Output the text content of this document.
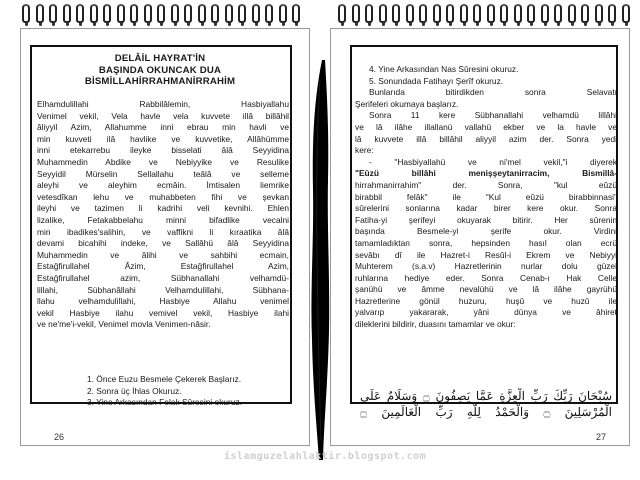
DELÂİL HAYRAT'İN
BAŞINDA OKUNCAK DUA
BİSMİLLAHİRRAHMANİRRAHİM
Elhamdulillahi Rabbilâlemin, Hasbiyallahu
Venimel vekil, Vela havle vela kuvvete illâ billâhil
âliyyil Azim, Allahumme inni ebrau min havli ve
min kuvveti ilâ havlike ve kuvvetike, Allâhümme
inni etekarrebu ileyke bisselati âlâ Seyyidina
Muhammedin Abdike ve Nebiyyike ve Resulike
Seyyidil Mürselin Sellallahu teâlâ ve selleme
aleyhi ve aleyhim ecmâin. İmtisalen liemrike
vetesdîkan lehu ve muhabbeten fihi ve şevkan
ileyhi ve tazimen li kadrihi veli kevnihi. Ehlen
lizalike, Fetakabbelahu minni bifadlike vecalni
min ibadikes'salihin, ve vaffikni li kıraatika âlâ
devami bicahihi indeke, ve Sallâhü âlâ Seyyidina
Muhammedin ve âlihi ve sahbihi ecmain,
Estağfirullahel Âzim, Estağfirullahel Azim,
Estağfirullahel azim, Sübhanallahi velhamdü-
lillahi, Sübhanâllahi Velhamdulillahi, Sübhana-
llahu velhamdulillahi, Hasbiye Allahu venimel
vekil Hasbiye ilahu vemivel vekil, Hasbiye ilahi
ve ne'me'i-vekil, Venimel movla Venimen-nâsir.
1. Önce Euzu Besmele Çekerek Başlarız.
2. Sonra üç İhlas Okuruz.
3. Yine Arkasından Felak Sûresini okuruz.
26
4. Yine Arkasından Nas Sûresini okuruz.
5. Sonundada Fatihayı Şerîf okuruz.
Bunlarıda bitirdikden sonra Selavatı
Şerifeleri okumaya başlarız.
Sonra 11 kere Sübhanallahi velhamdü lillâhi
ve lâ ilâhe illallanü vallahü ekber ve la havle ve
lâ kuvvete illâ billâhil aliyyil azim der. Sonra yedi
kere:
- "Hasbiyallahü ve ni'mel vekil,"i diyerek
"Eûzü billâhi menişşeytanirracim, Bismillâ-
hirrahmanirrahim" der. Sonra, "kul eûzü
birabbil felâk" ile "Kul eûzü birabbinnasi"
sûrelerini sonlarına kadar birer kere okur. Sonra
Fatiha-yi şerifeyi okuyarak bitirir. Her sûrenin
başında Besmele-yi şerife okur. Virdini
tamamladıktan sonra, hepsinden hasıl olan ecrü
sevâbı dî ile Hazret-i Resûl-i Ekrem ve Nebiyyi
Muhterem (s.a.v) Hazretlerinin nurlar dolu güzel
ruhlarına hediye eder. Sonra Cenab-ı Hak Celle
şanühü ve âmme nevalühü ve lâ ilâhe gayrühü
Hazretlerine gönül huzuru, huşû ve huzû ile
yalvarıp yakararak, yâni dünya ve âhiret
dileklerini bildirir, duasını tamamlar ve okur:
سُبْحَانَ رَبِّكَ رَبِّ الْعِزَّةِ عَمَّا يَصِفُونَ ۝ وَسَلَامٌ عَلَى
الْمُرْسَلِينَ ۝ وَالْحَمْدُ لِلَّهِ رَبِّ الْعَالَمِينَ ۝
27
islamguzelahlaktir.blogspot.com
